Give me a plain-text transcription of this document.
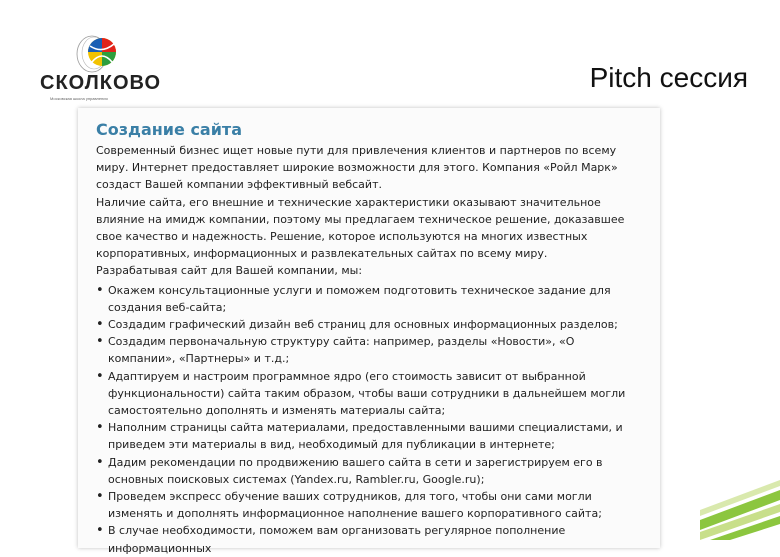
СКОЛКОВО
Московская школа управления
Pitch сессия
Создание сайта

Современный бизнес ищет новые пути для привлечения клиентов и партнеров по всему миру. Интернет предоставляет широкие возможности для этого. Компания «Ройл Марк» создаст Вашей компании эффективный вебсайт.

Наличие сайта, его внешние и технические характеристики оказывают значительное влияние на имидж компании, поэтому мы предлагаем техническое решение, доказавшее свое качество и надежность. Решение, которое используются на многих известных корпоративных, информационных и развлекательных сайтах по всему миру.

Разрабатывая сайт для Вашей компании, мы:

• Окажем консультационные услуги и поможем подготовить техническое задание для создания веб-сайта;
• Создадим графический дизайн веб страниц для основных информационных разделов;
• Создадим первоначальную структуру сайта: например, разделы «Новости», «О компании», «Партнеры» и т.д.;
• Адаптируем и настроим программное ядро (его стоимость зависит от выбранной функциональности) сайта таким образом, чтобы ваши сотрудники в дальнейшем могли самостоятельно дополнять и изменять материалы сайта;
• Наполним страницы сайта материалами, предоставленными вашими специалистами, и приведем эти материалы в вид, необходимый для публикации в интернете;
• Дадим рекомендации по продвижению вашего сайта в сети и зарегистрируем его в основных поисковых системах (Yandex.ru, Rambler.ru, Google.ru);
• Проведем экспресс обучение ваших сотрудников, для того, чтобы они сами могли изменять и дополнять информационное наполнение вашего корпоративного сайта;
• В случае необходимости, поможем вам организовать регулярное пополнение информационных
